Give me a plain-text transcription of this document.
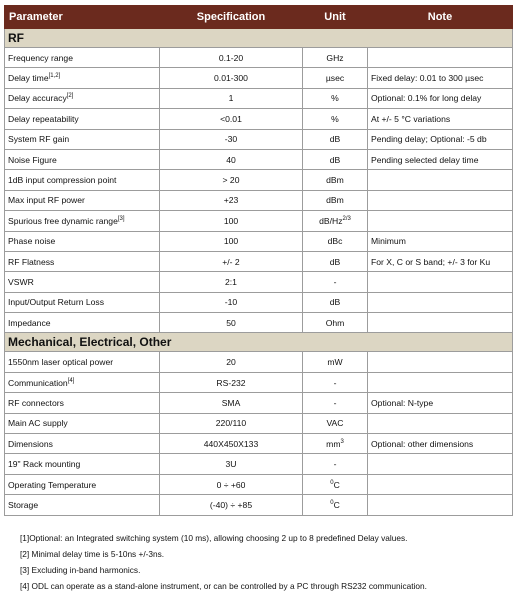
Parameter	Specification	Unit	Note
RF			
Frequency range	0.1-20	GHz	
Delay time[1,2]	0.01-300	µsec	Fixed delay: 0.01 to 300 µsec
Delay accuracy[2]	1	%	Optional: 0.1% for long delay
Delay repeatability	<0.01	%	At +/- 5 °C variations
System RF gain	-30	dB	Pending delay; Optional: -5 db
Noise Figure	40	dB	Pending selected delay time
1dB input compression point	> 20	dBm	
Max input RF power	+23	dBm	
Spurious free dynamic range[3]	100	$dB/Hz^{2/3}$	
Phase noise	100	dBc	Minimum
RF Flatness	+/- 2	dB	For X, C or S band; +/- 3 for Ku
VSWR	2:1	-	
Input/Output Return Loss	-10	dB	
Impedance	50	Ohm	
Mechanical, Electrical, Other			
1550nm laser optical power	20	mW	
Communication[4]	RS-232	-	
RF connectors	SMA	-	Optional: N-type
Main AC supply	220/110	VAC	
Dimensions	440X450X133	$mm^3$	Optional: other dimensions
19" Rack mounting	3U	-	
Operating Temperature	0 ÷ +60	$^0$C	
Storage	(-40) ÷ +85	$^0$C	
[1]Optional: an Integrated switching system (10 ms), allowing choosing 2 up to 8 predefined Delay values.
[2] Minimal delay time is 5-10ns +/-3ns.
[3] Excluding in-band harmonics.
[4] ODL can operate as a stand-alone instrument, or can be controlled by a PC through RS232 communication.
